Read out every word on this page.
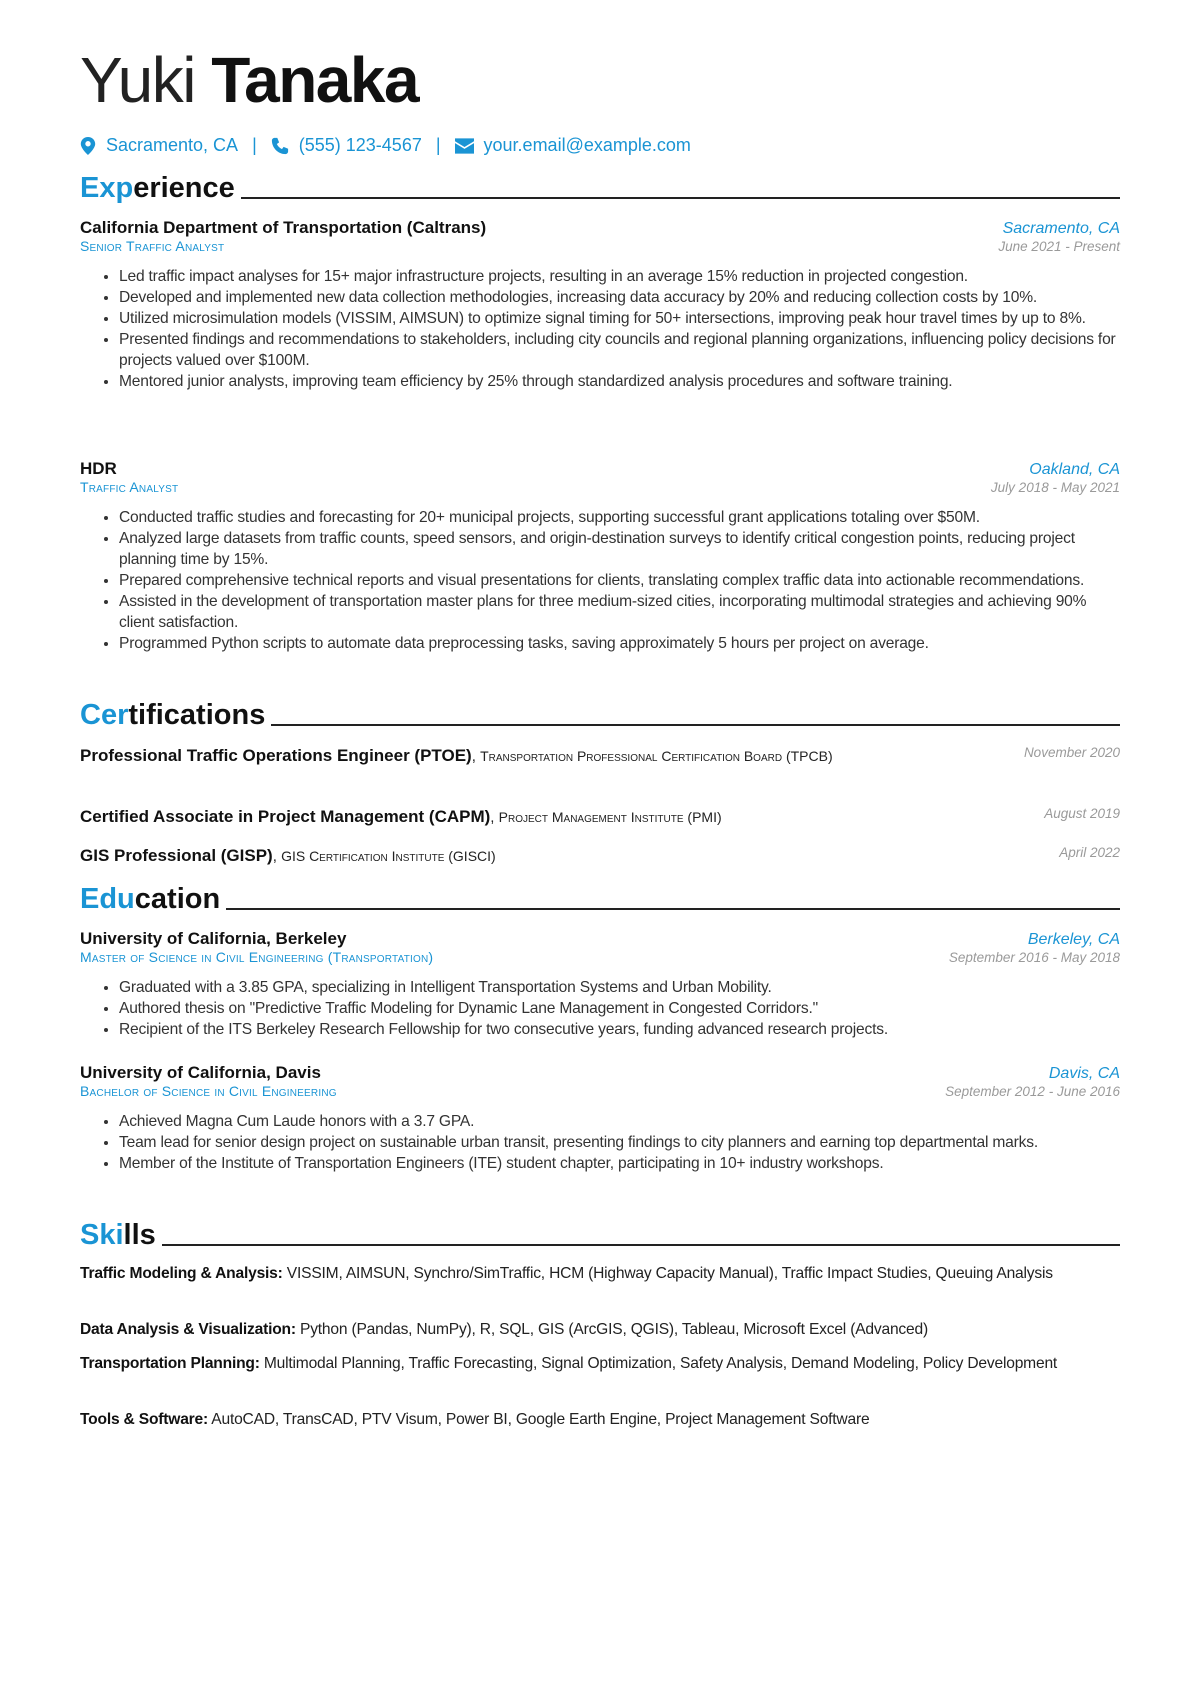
Yuki Tanaka
Sacramento, CA | (555) 123-4567 | your.email@example.com
Exp erience
California Department of Transportation (Caltrans)	Sacramento, CA
Senior Traffic Analyst	June 2021 - Present
• Led traffic impact analyses for 15+ major infrastructure projects, resulting in an average 15% reduction in projected congestion.
• Developed and implemented new data collection methodologies, increasing data accuracy by 20% and reducing collection costs by 10%.
• Utilized microsimulation models (VISSIM, AIMSUN) to optimize signal timing for 50+ intersections, improving peak hour travel times by up to 8%.
• Presented findings and recommendations to stakeholders, including city councils and regional planning organizations, influencing policy decisions for projects valued over $100M.
• Mentored junior analysts, improving team efficiency by 25% through standardized analysis procedures and software training.
HDR	Oakland, CA
Traffic Analyst	July 2018 - May 2021
• Conducted traffic studies and forecasting for 20+ municipal projects, supporting successful grant applications totaling over $50M.
• Analyzed large datasets from traffic counts, speed sensors, and origin-destination surveys to identify critical congestion points, reducing project planning time by 15%.
• Prepared comprehensive technical reports and visual presentations for clients, translating complex traffic data into actionable recommendations.
• Assisted in the development of transportation master plans for three medium-sized cities, incorporating multimodal strategies and achieving 90% client satisfaction.
• Programmed Python scripts to automate data preprocessing tasks, saving approximately 5 hours per project on average.
Cer tifications
Professional Traffic Operations Engineer (PTOE), Transportation Professional Certification Board (TPCB)	November 2020
Certified Associate in Project Management (CAPM), Project Management Institute (PMI)	August 2019
GIS Professional (GISP), GIS Certification Institute (GISCI)	April 2022
Edu cation
University of California, Berkeley	Berkeley, CA
Master of Science in Civil Engineering (Transportation)	September 2016 - May 2018
• Graduated with a 3.85 GPA, specializing in Intelligent Transportation Systems and Urban Mobility.
• Authored thesis on "Predictive Traffic Modeling for Dynamic Lane Management in Congested Corridors."
• Recipient of the ITS Berkeley Research Fellowship for two consecutive years, funding advanced research projects.
University of California, Davis	Davis, CA
Bachelor of Science in Civil Engineering	September 2012 - June 2016
• Achieved Magna Cum Laude honors with a 3.7 GPA.
• Team lead for senior design project on sustainable urban transit, presenting findings to city planners and earning top departmental marks.
• Member of the Institute of Transportation Engineers (ITE) student chapter, participating in 10+ industry workshops.
Ski lls
Traffic Modeling & Analysis: VISSIM, AIMSUN, Synchro/SimTraffic, HCM (Highway Capacity Manual), Traffic Impact Studies, Queuing Analysis
Data Analysis & Visualization: Python (Pandas, NumPy), R, SQL, GIS (ArcGIS, QGIS), Tableau, Microsoft Excel (Advanced)
Transportation Planning: Multimodal Planning, Traffic Forecasting, Signal Optimization, Safety Analysis, Demand Modeling, Policy Development
Tools & Software: AutoCAD, TransCAD, PTV Visum, Power BI, Google Earth Engine, Project Management Software
